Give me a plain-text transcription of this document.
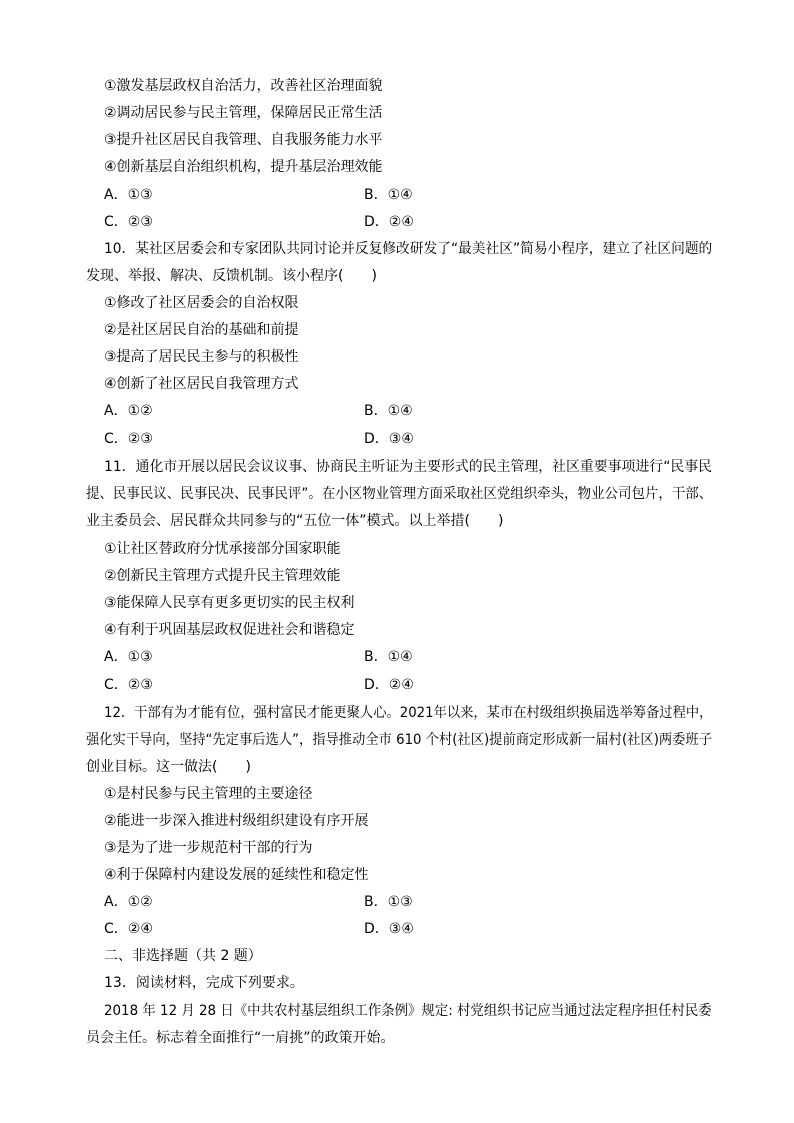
①激发基层政权自治活力，改善社区治理面貌
②调动居民参与民主管理，保障居民正常生活
③提升社区居民自我管理、自我服务能力水平
④创新基层自治组织机构，提升基层治理效能
A．①③	B．①④
C．②③	D．②④
10．某社区居委会和专家团队共同讨论并反复修改研发了“最美社区”简易小程序，建立了社区问题的
发现、举报、解决、反馈机制。该小程序(　　)
①修改了社区居委会的自治权限
②是社区居民自治的基础和前提
③提高了居民民主参与的积极性
④创新了社区居民自我管理方式
A．①②	B．①④
C．②③	D．③④
11．通化市开展以居民会议议事、协商民主听证为主要形式的民主管理，社区重要事项进行“民事民
提、民事民议、民事民决、民事民评”。在小区物业管理方面采取社区党组织牵头，物业公司包片，干部、
业主委员会、居民群众共同参与的“五位一体”模式。以上举措(　　)
①让社区替政府分忧承接部分国家职能
②创新民主管理方式提升民主管理效能
③能保障人民享有更多更切实的民主权利
④有利于巩固基层政权促进社会和谐稳定
A．①③	B．①④
C．②③	D．②④
12．干部有为才能有位，强村富民才能更聚人心。2021年以来，某市在村级组织换届选举筹备过程中，
强化实干导向，坚持“先定事后选人”，指导推动全市 610 个村(社区)提前商定形成新一届村(社区)两委班子
创业目标。这一做法(　　)
①是村民参与民主管理的主要途径
②能进一步深入推进村级组织建设有序开展
③是为了进一步规范村干部的行为
④利于保障村内建设发展的延续性和稳定性
A．①②	B．①③
C．②④	D．③④
二、非选择题（共 2 题）
13．阅读材料，完成下列要求。
2018 年 12 月 28 日《中共农村基层组织工作条例》规定: 村党组织书记应当通过法定程序担任村民委
员会主任。标志着全面推行“一肩挑”的政策开始。
